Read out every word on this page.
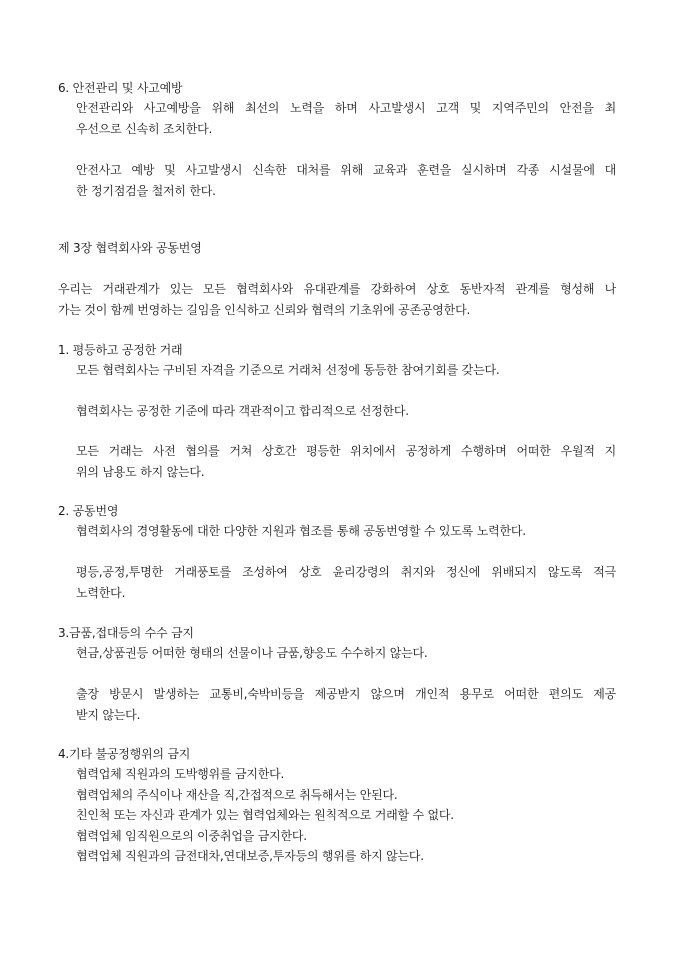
6. 안전관리 및 사고예방
안전관리와 사고예방을 위해 최선의 노력을 하며 사고발생시 고객 및 지역주민의 안전을 최
우선으로 신속히 조치한다.
안전사고 예방 및 사고발생시 신속한 대처를 위해 교육과 훈련을 실시하며 각종 시설물에 대
한 정기점검을 철저히 한다.
제 3장 협력회사와 공동번영
우리는 거래관계가 있는 모든 협력회사와 유대관계를 강화하여 상호 동반자적 관계를 형성해 나
가는 것이 함께 번영하는 길임을 인식하고 신뢰와 협력의 기초위에 공존공영한다.
1. 평등하고 공정한 거래
모든 협력회사는 구비된 자격을 기준으로 거래처 선정에 동등한 참여기회를 갖는다.
협력회사는 공정한 기준에 따라 객관적이고 합리적으로 선정한다.
모든 거래는 사전 협의를 거쳐 상호간 평등한 위치에서 공정하게 수행하며 어떠한 우월적 지
위의 남용도 하지 않는다.
2. 공동번영
협력회사의 경영활동에 대한 다양한 지원과 협조를 통해 공동번영할 수 있도록 노력한다.
평등,공정,투명한 거래풍토를 조성하여 상호 윤리강령의 취지와 정신에 위배되지 않도록 적극
노력한다.
3.금품,접대등의 수수 금지
현금,상품권등 어떠한 형태의 선물이나 금품,향응도 수수하지 않는다.
출장 방문시 발생하는 교통비,숙박비등을 제공받지 않으며 개인적 용무로 어떠한 편의도 제공
받지 않는다.
4.기타 불공정행위의 금지
협력업체 직원과의 도박행위를 금지한다.
협력업체의 주식이나 재산을 직,간접적으로 취득해서는 안된다.
친인척 또는 자신과 관계가 있는 협력업체와는 원칙적으로 거래할 수 없다.
협력업체 임직원으로의 이중취업을 금지한다.
협력업체 직원과의 금전대차,연대보증,투자등의 행위를 하지 않는다.
